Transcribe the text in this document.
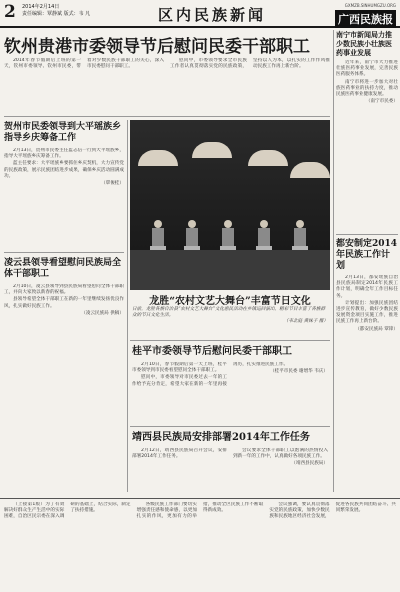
2 2014年2月14日
责任编辑：覃静斌 版式：韦 凡	区内民族新闻
GXMZB.SINHUMGZU.ORG
广西民族报
钦州贵港市委领导节后慰问民委干部职工

2014年春节假期后上班的第一天，钦州市委领导、钦州市民委，带着对少数民族干部职工的关心，深入市民委慰问干部职工。

慰问中，市委领导要求全市民族工作者认真贯彻落实党的民族政策，坚持以人为本，以扎实的工作作风推动民族工作再上新台阶。

贺州市民委领导到大平瑶族乡指导乡庆筹备工作

2月13日，贺州市民委主任蓝志信一行到大平瑶族乡，指导大平瑶族乡庆筹备工作。

蓝主任要求：大平瑶族乡要抓住乡庆契机，大力宣传党的民族政策，展示民族团结进步成果，确保乡庆活动圆满成功。

（覃俊桂）
凌云县领导看望慰问民族局全体干部职工

2月10日，凌云县领导到县民族局看望慰问全体干部职工，并向大家致以新春的祝福。

县领导希望全体干部职工在新的一年里继续发扬优良作风，扎实做好民族工作。

（凌云民族局 供稿）
龙胜“农村文艺大舞台”丰富节日文化
日前，龙胜各族自治县“农村文艺大舞台”文化惠民活动在乡镇巡回演出，精彩节目丰富了各族群众的节日文化生活。
（韦北庭 黄妹子 摄）
桂平市委领导节后慰问民委干部职工

2月10日，春节假期后第一天上班，桂平市委领导到市民委看望慰问全体干部职工。

慰问中，市委领导对市民委过去一年的工作给予充分肯定，希望大家在新的一年里再接再厉，扎实推进民族工作。

（桂平市民委 谢增华 韦庆）
靖西县民族局安排部署2014年工作任务

2月12日，靖西县民族局召开会议，安排部署2014年工作任务。

会议要求全体干部职工以饱满的热情投入到新一年的工作中，认真做好各项民族工作。

（靖西县民族局）
南宁市新闻局力推少数民族小壮族医药事业发展

近年来，南宁市大力推进壮族医药事业发展，完善民族医药服务体系。

南宁市将进一步加大对壮族医药事业的扶持力度，推动民族医药事业健康发展。

（南宁市民委）
都安制定2014年民族工作计划

2月13日，都安瑶族自治县民族局制定2014年民族工作计划，明确全年工作目标任务。

计划提出：加强民族团结进步宣传教育，做好少数民族发展资金项目实施工作，推进民族工作再上新台阶。

（都安民族局 覃锋）

（上接第1版）为了有效解决好群众生产生活中的实际困难，自治区民宗委在深入调研的基础上，结合实际，制定了扶持措施。

各级民族工作部门要切实增强责任感和使命感，以更加扎实的作风，更加有力的举措，推动全区民族工作不断取得新成效。

会议强调，要认真贯彻落实党的民族政策，加快少数民族和民族地区经济社会发展，促进各民族共同团结奋斗、共同繁荣发展。
